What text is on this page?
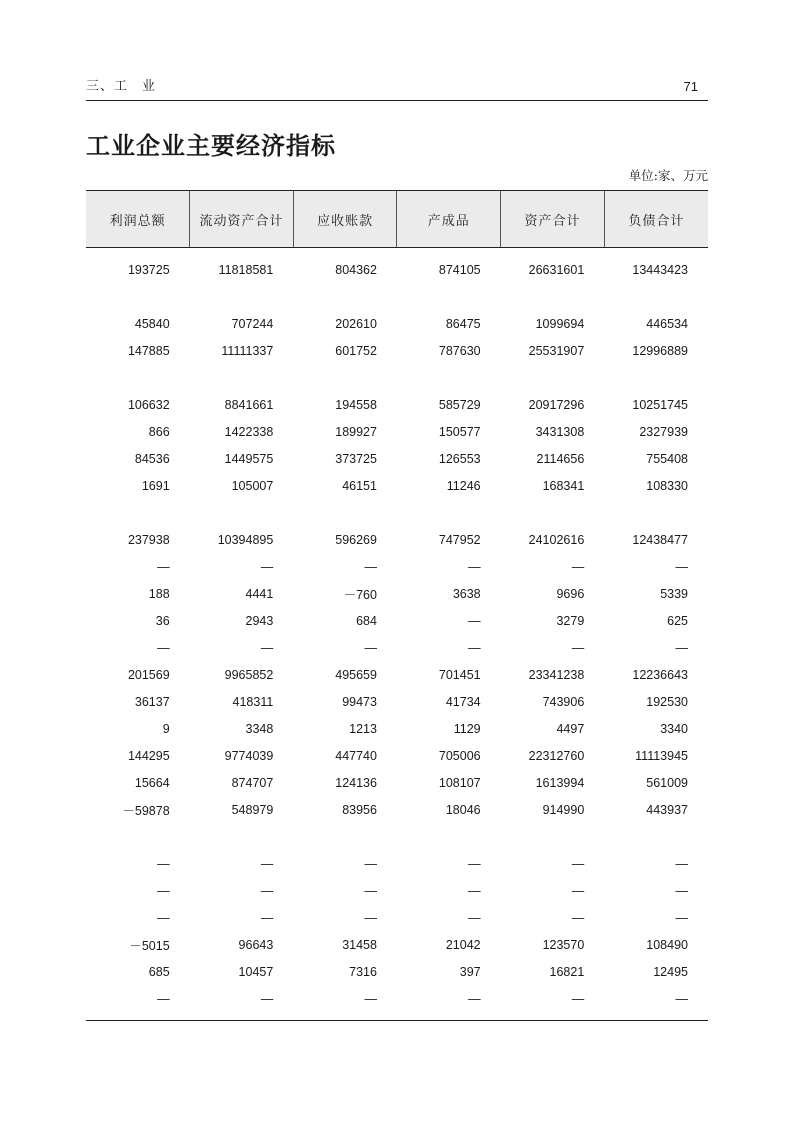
三、工　业	71
工业企业主要经济指标
单位:家、万元
利润总额	流动资产合计	应收账款	产成品	资产合计	负债合计

193725	11818581	804362	874105	26631601	13443423

45840	707244	202610	86475	1099694	446534
147885	11111337	601752	787630	25531907	12996889

106632	8841661	194558	585729	20917296	10251745
866	1422338	189927	150577	3431308	2327939
84536	1449575	373725	126553	2114656	755408
1691	105007	46151	11246	168341	108330

237938	10394895	596269	747952	24102616	12438477
—	—	—	—	—	—
188	4441	－760	3638	9696	5339
36	2943	684	—	3279	625
—	—	—	—	—	—
201569	9965852	495659	701451	23341238	12236643
36137	418311	99473	41734	743906	192530
9	3348	1213	1129	4497	3340
144295	9774039	447740	705006	22312760	11113945
15664	874707	124136	108107	1613994	561009
－59878	548979	83956	18046	914990	443937

—	—	—	—	—	—
—	—	—	—	—	—
—	—	—	—	—	—
－5015	96643	31458	21042	123570	108490
685	10457	7316	397	16821	12495
—	—	—	—	—	—
